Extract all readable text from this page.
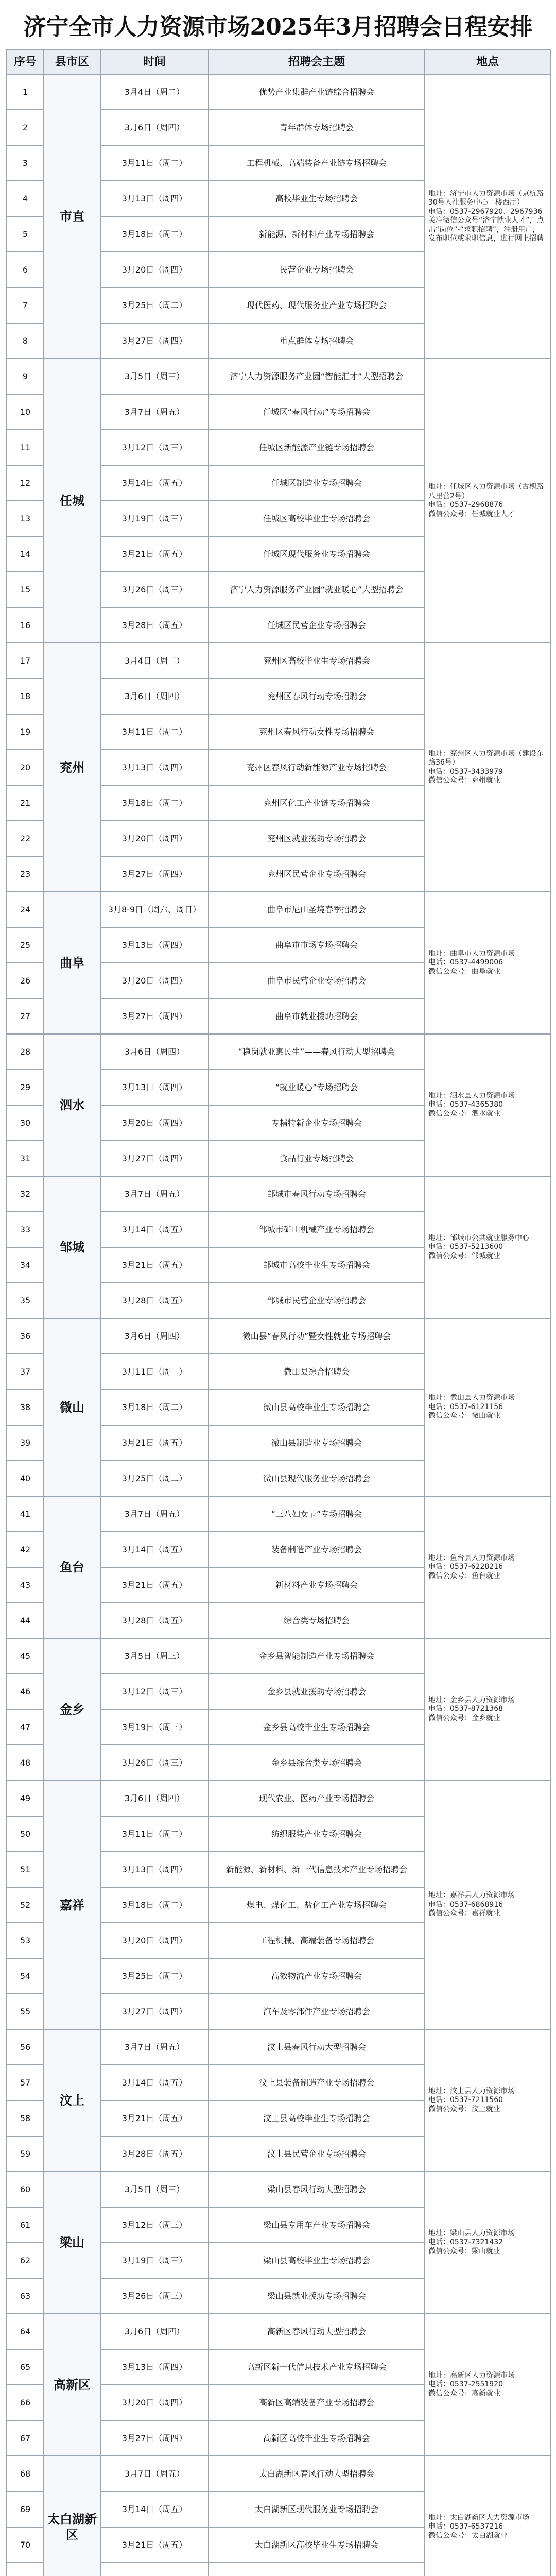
济宁全市人力资源市场2025年3月招聘会日程安排
序号	县市区	时间	招聘会主题	地点
1	市直	3月4日（周二）	优势产业集群产业链综合招聘会	地址：济宁市人力资源市场（京杭路30号人社服务中心一楼西厅）
电话：0537-2967920、2967936
关注微信公众号“济宁就业人才”，点击“岗位”-“求职招聘”，注册用户，发布职位或求职信息，进行网上招聘
2		3月6日（周四）	青年群体专场招聘会	
3		3月11日（周二）	工程机械、高端装备产业链专场招聘会	
4		3月13日（周四）	高校毕业生专场招聘会	
5		3月18日（周二）	新能源、新材料产业专场招聘会	
6		3月20日（周四）	民营企业专场招聘会	
7		3月25日（周二）	现代医药、现代服务业产业专场招聘会	
8		3月27日（周四）	重点群体专场招聘会	
9	任城	3月5日（周三）	济宁人力资源服务产业园“智能汇才”大型招聘会	地址：任城区人力资源市场（古槐路八里营2号）
电话：0537-2968876
微信公众号：任城就业人才
10		3月7日（周五）	任城区“春风行动”专场招聘会	
11		3月12日（周三）	任城区新能源产业链专场招聘会	
12		3月14日（周五）	任城区制造业专场招聘会	
13		3月19日（周三）	任城区高校毕业生专场招聘会	
14		3月21日（周五）	任城区现代服务业专场招聘会	
15		3月26日（周三）	济宁人力资源服务产业园“就业暖心”大型招聘会	
16		3月28日（周五）	任城区民营企业专场招聘会	
17	兖州	3月4日（周二）	兖州区高校毕业生专场招聘会	地址：兖州区人力资源市场（建设东路36号）
电话：0537-3433979
微信公众号：兖州就业
18		3月6日（周四）	兖州区春风行动专场招聘会	
19		3月11日（周二）	兖州区春风行动女性专场招聘会	
20		3月13日（周四）	兖州区春风行动新能源产业专场招聘会	
21		3月18日（周二）	兖州区化工产业链专场招聘会	
22		3月20日（周四）	兖州区就业援助专场招聘会	
23		3月27日（周四）	兖州区民营企业专场招聘会	
24	曲阜	3月8-9日（周六、周日）	曲阜市尼山圣境春季招聘会	地址：曲阜市人力资源市场
电话：0537-4499006
微信公众号：曲阜就业
25		3月13日（周四）	曲阜市市场专场招聘会	
26		3月20日（周四）	曲阜市民营企业专场招聘会	
27		3月27日（周四）	曲阜市就业援助招聘会	
28	泗水	3月6日（周四）	“稳岗就业惠民生”——春风行动大型招聘会	地址：泗水县人力资源市场
电话：0537-4365380
微信公众号：泗水就业
29		3月13日（周四）	“就业暖心”专场招聘会	
30		3月20日（周四）	专精特新企业专场招聘会	
31		3月27日（周四）	食品行业专场招聘会	
32	邹城	3月7日（周五）	邹城市春风行动专场招聘会	地址：邹城市公共就业服务中心
电话：0537-5213600
微信公众号：邹城就业
33		3月14日（周五）	邹城市矿山机械产业专场招聘会	
34		3月21日（周五）	邹城市高校毕业生专场招聘会	
35		3月28日（周五）	邹城市民营企业专场招聘会	
36	微山	3月6日（周四）	微山县“春风行动”暨女性就业专场招聘会	地址：微山县人力资源市场
电话：0537-6121156
微信公众号：微山就业
37		3月11日（周二）	微山县综合招聘会	
38		3月18日（周二）	微山县高校毕业生专场招聘会	
39		3月21日（周五）	微山县制造业专场招聘会	
40		3月25日（周二）	微山县现代服务业专场招聘会	
41	鱼台	3月7日（周五）	“三八妇女节”专场招聘会	地址：鱼台县人力资源市场
电话：0537-6228216
微信公众号：鱼台就业
42		3月14日（周五）	装备制造产业专场招聘会	
43		3月21日（周五）	新材料产业专场招聘会	
44		3月28日（周五）	综合类专场招聘会	
45	金乡	3月5日（周三）	金乡县智能制造产业专场招聘会	地址：金乡县人力资源市场
电话：0537-8721368
微信公众号：金乡就业
46		3月12日（周三）	金乡县就业援助专场招聘会	
47		3月19日（周三）	金乡县高校毕业生专场招聘会	
48		3月26日（周三）	金乡县综合类专场招聘会	
49	嘉祥	3月6日（周四）	现代农业、医药产业专场招聘会	地址：嘉祥县人力资源市场
电话：0537-6868916
微信公众号：嘉祥就业
50		3月11日（周二）	纺织服装产业专场招聘会	
51		3月13日（周四）	新能源、新材料、新一代信息技术产业专场招聘会	
52		3月18日（周二）	煤电、煤化工、盐化工产业专场招聘会	
53		3月20日（周四）	工程机械、高端装备专场招聘会	
54		3月25日（周二）	高效物流产业专场招聘会	
55		3月27日（周四）	汽车及零部件产业专场招聘会	
56	汶上	3月7日（周五）	汶上县春风行动大型招聘会	地址：汶上县人力资源市场
电话：0537-7211560
微信公众号：汶上就业
57		3月14日（周五）	汶上县装备制造产业专场招聘会	
58		3月21日（周五）	汶上县高校毕业生专场招聘会	
59		3月28日（周五）	汶上县民营企业专场招聘会	
60	梁山	3月5日（周三）	梁山县春风行动大型招聘会	地址：梁山县人力资源市场
电话：0537-7321432
微信公众号：梁山就业
61		3月12日（周三）	梁山县专用车产业专场招聘会	
62		3月19日（周三）	梁山县高校毕业生专场招聘会	
63		3月26日（周三）	梁山县就业援助专场招聘会	
64	高新区	3月6日（周四）	高新区春风行动大型招聘会	地址：高新区人力资源市场
电话：0537-2551920
微信公众号：高新就业
65		3月13日（周四）	高新区新一代信息技术产业专场招聘会	
66		3月20日（周四）	高新区高端装备产业专场招聘会	
67		3月27日（周四）	高新区高校毕业生专场招聘会	
68	太白湖新区	3月7日（周五）	太白湖新区春风行动大型招聘会	地址：太白湖新区人力资源市场
电话：0537-6537216
微信公众号：太白湖就业
69		3月14日（周五）	太白湖新区现代服务业专场招聘会	
70		3月21日（周五）	太白湖新区高校毕业生专场招聘会	
